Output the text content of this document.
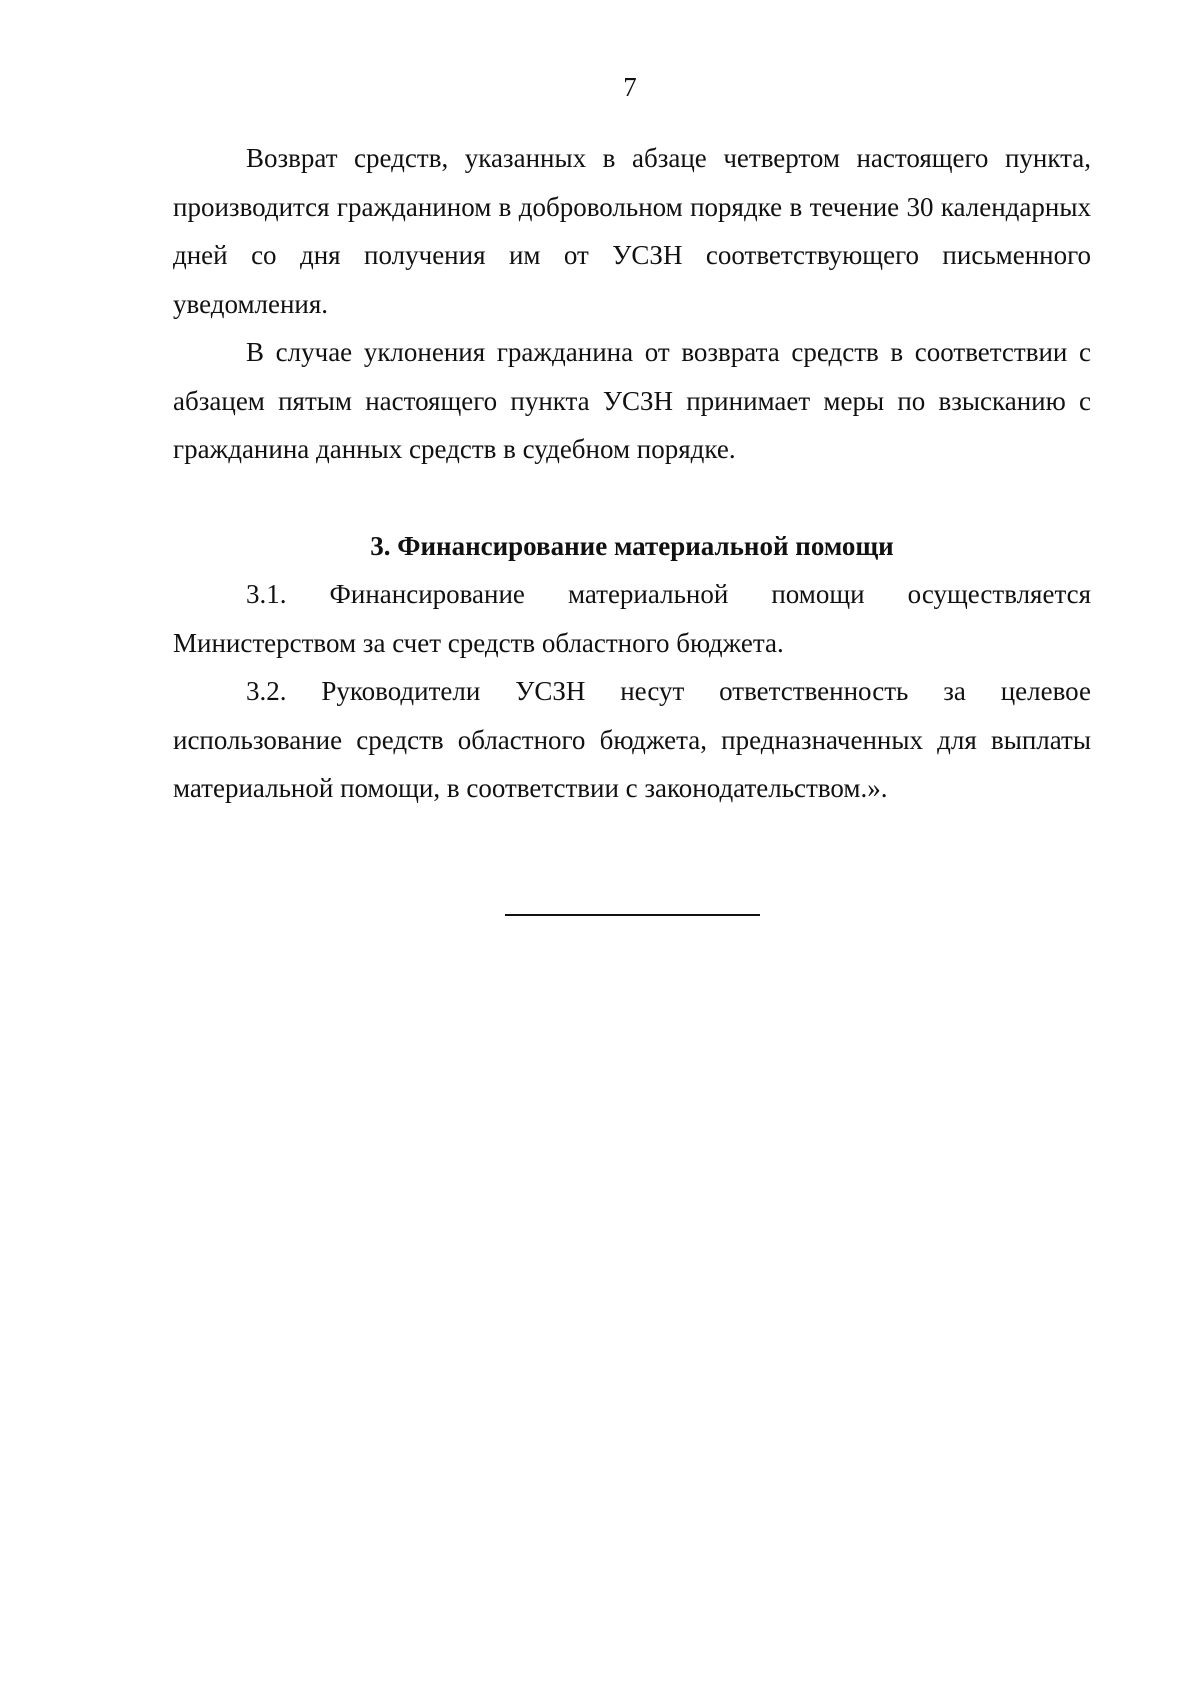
7

Возврат средств, указанных в абзаце четвертом настоящего пункта, производится гражданином в добровольном порядке в течение 30 календарных дней со дня получения им от УСЗН соответствующего письменного уведомления.

В случае уклонения гражданина от возврата средств в соответствии с абзацем пятым настоящего пункта УСЗН принимает меры по взысканию с гражданина данных средств в судебном порядке.

3. Финансирование материальной помощи

3.1. Финансирование материальной помощи осуществляется Министерством за счет средств областного бюджета.

3.2. Руководители УСЗН несут ответственность за целевое использование средств областного бюджета, предназначенных для выплаты материальной помощи, в соответствии с законодательством.».
